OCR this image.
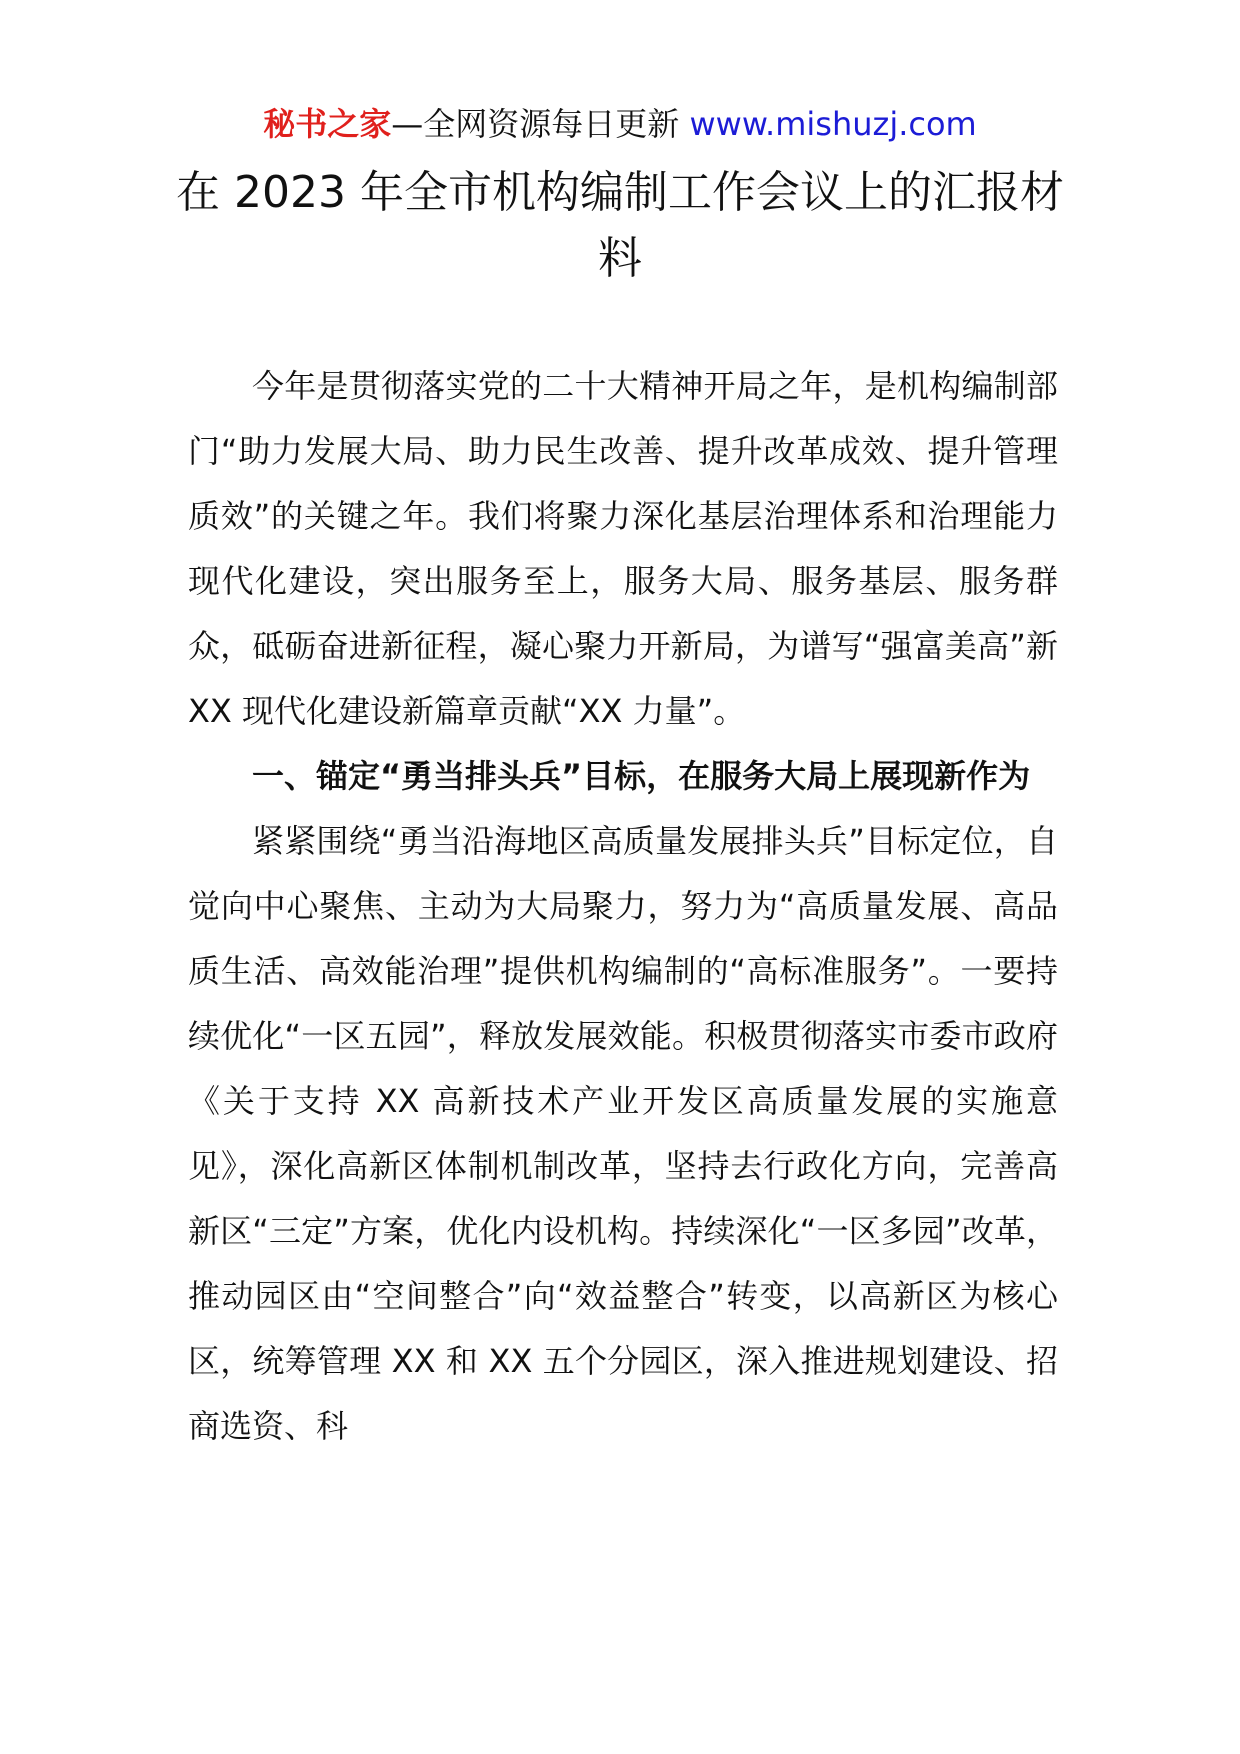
秘书之家—全网资源每日更新 www.mishuzj.com
在 2023 年全市机构编制工作会议上的汇报材料

今年是贯彻落实党的二十大精神开局之年，是机构编制部门“助力发展大局、助力民生改善、提升改革成效、提升管理质效”的关键之年。我们将聚力深化基层治理体系和治理能力现代化建设，突出服务至上，服务大局、服务基层、服务群众，砥砺奋进新征程，凝心聚力开新局，为谱写“强富美高”新 XX 现代化建设新篇章贡献“XX 力量”。

一、锚定“勇当排头兵”目标，在服务大局上展现新作为

紧紧围绕“勇当沿海地区高质量发展排头兵”目标定位，自觉向中心聚焦、主动为大局聚力，努力为“高质量发展、高品质生活、高效能治理”提供机构编制的“高标准服务”。一要持续优化“一区五园”，释放发展效能。积极贯彻落实市委市政府《关于支持 XX 高新技术产业开发区高质量发展的实施意见》，深化高新区体制机制改革，坚持去行政化方向，完善高新区“三定”方案，优化内设机构。持续深化“一区多园”改革，推动园区由“空间整合”向“效益整合”转变，以高新区为核心区，统筹管理 XX 和 XX 五个分园区，深入推进规划建设、招商选资、科
